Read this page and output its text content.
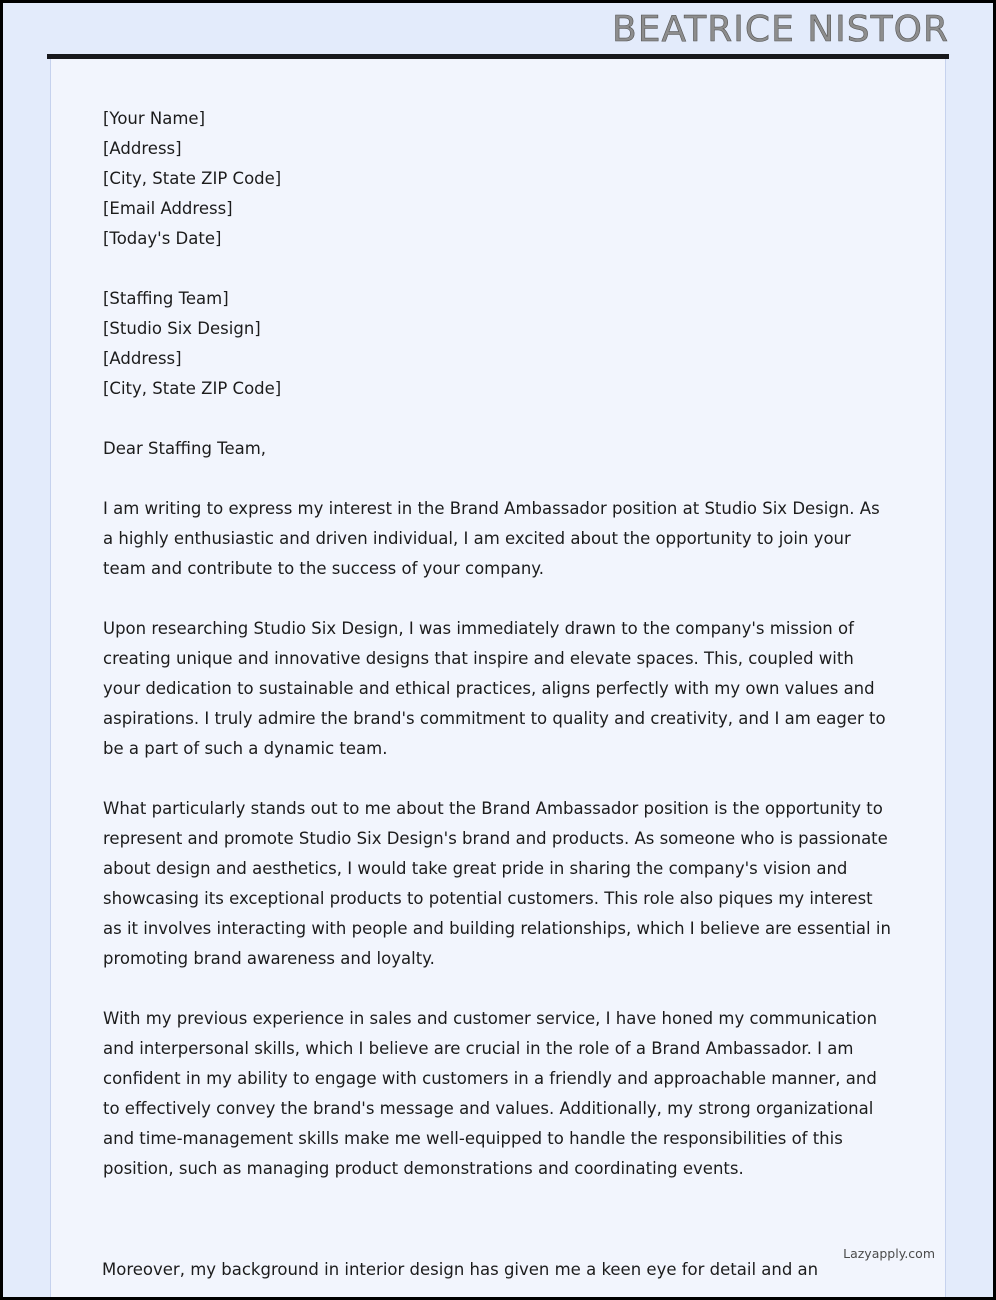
BEATRICE NISTOR
[Your Name]
[Address]
[City, State ZIP Code]
[Email Address]
[Today's Date]
[Staffing Team]
[Studio Six Design]
[Address]
[City, State ZIP Code]

Dear Staffing Team,

I am writing to express my interest in the Brand Ambassador position at Studio Six Design. As a highly enthusiastic and driven individual, I am excited about the opportunity to join your team and contribute to the success of your company.

Upon researching Studio Six Design, I was immediately drawn to the company's mission of creating unique and innovative designs that inspire and elevate spaces. This, coupled with your dedication to sustainable and ethical practices, aligns perfectly with my own values and aspirations. I truly admire the brand's commitment to quality and creativity, and I am eager to be a part of such a dynamic team.

What particularly stands out to me about the Brand Ambassador position is the opportunity to represent and promote Studio Six Design's brand and products. As someone who is passionate about design and aesthetics, I would take great pride in sharing the company's vision and showcasing its exceptional products to potential customers. This role also piques my interest as it involves interacting with people and building relationships, which I believe are essential in promoting brand awareness and loyalty.

With my previous experience in sales and customer service, I have honed my communication and interpersonal skills, which I believe are crucial in the role of a Brand Ambassador. I am confident in my ability to engage with customers in a friendly and approachable manner, and to effectively convey the brand's message and values. Additionally, my strong organizational and time-management skills make me well-equipped to handle the responsibilities of this position, such as managing product demonstrations and coordinating events.

Lazyapply.com

Moreover, my background in interior design has given me a keen eye for detail and an
